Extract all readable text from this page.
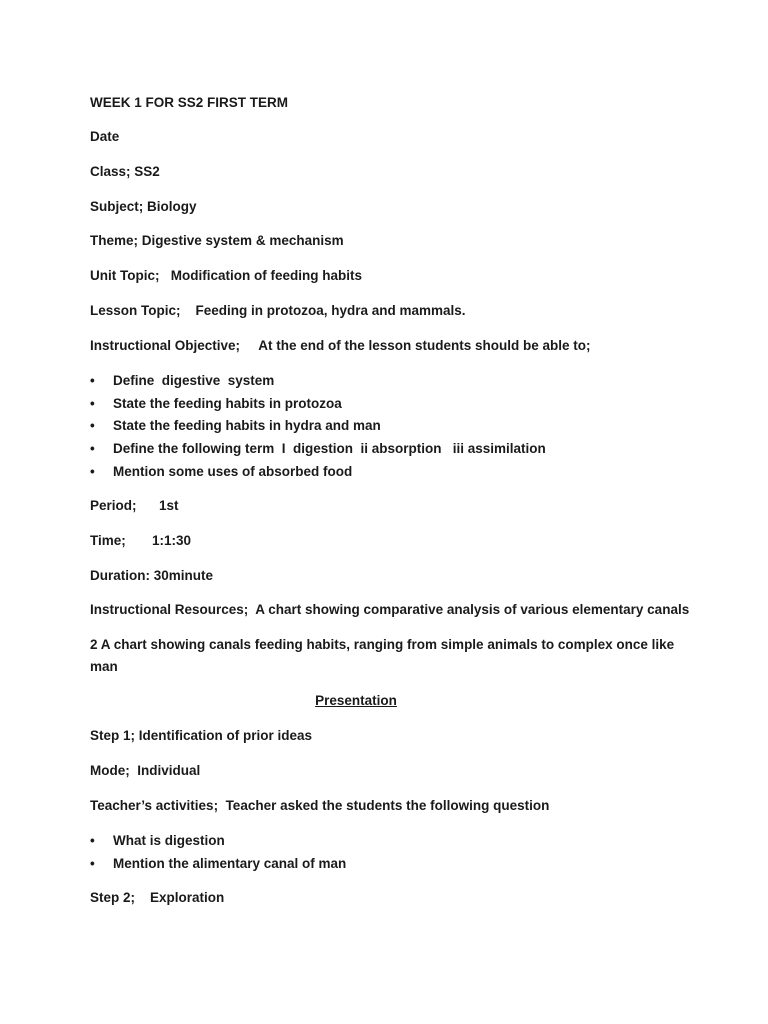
WEEK 1 FOR SS2 FIRST TERM

Date

Class; SS2

Subject; Biology

Theme; Digestive system & mechanism

Unit Topic;   Modification of feeding habits

Lesson Topic;    Feeding in protozoa, hydra and mammals.

Instructional Objective;     At the end of the lesson students should be able to;

• Define  digestive  system

• State the feeding habits in protozoa

• State the feeding habits in hydra and man

• Define the following term  I  digestion  ii absorption   iii assimilation

• Mention some uses of absorbed food

Period;      1st

Time;       1:1:30

Duration: 30minute

Instructional Resources;  A chart showing comparative analysis of various elementary canals

2 A chart showing canals feeding habits, ranging from simple animals to complex once like man

Presentation

Step 1; Identification of prior ideas

Mode;  Individual

Teacher’s activities;  Teacher asked the students the following question

• What is digestion

• Mention the alimentary canal of man

Step 2;    Exploration
